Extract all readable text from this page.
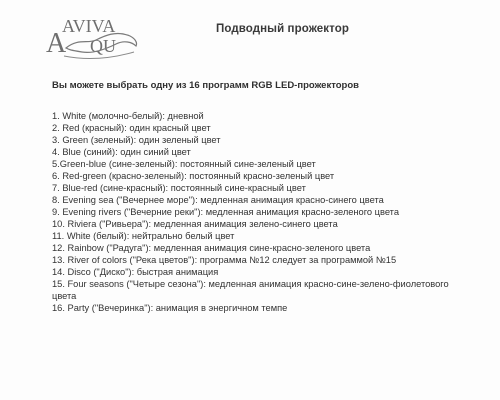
AVIVA
A QU
Подводный прожектор
Вы можете выбрать одну из 16 программ RGB LED-прожекторов
1. White (молочно-белый): дневной
2. Red (красный): один красный цвет
3. Green (зеленый): один зеленый цвет
4. Blue (синий): один синий цвет
5.Green-blue (сине-зеленый): постоянный сине-зеленый цвет
6. Red-green (красно-зеленый): постоянный красно-зеленый цвет
7. Blue-red (сине-красный): постоянный сине-красный цвет
8. Evening sea ("Вечернее море"): медленная анимация красно-синего цвета
9. Evening rivers ("Вечерние реки"): медленная анимация красно-зеленого цвета
10. Riviera ("Ривьера"): медленная анимация зелено-синего цвета
11. White (белый): нейтрально белый цвет
12. Rainbow ("Радуга"): медленная анимация сине-красно-зеленого цвета
13. River of colors ("Река цветов"): программа №12 следует за программой №15
14. Disco ("Диско"): быстрая анимация
15. Four seasons ("Четыре сезона"): медленная анимация красно-сине-зелено-фиолетового цвета
16. Party ("Вечеринка"): анимация в энергичном темпе
